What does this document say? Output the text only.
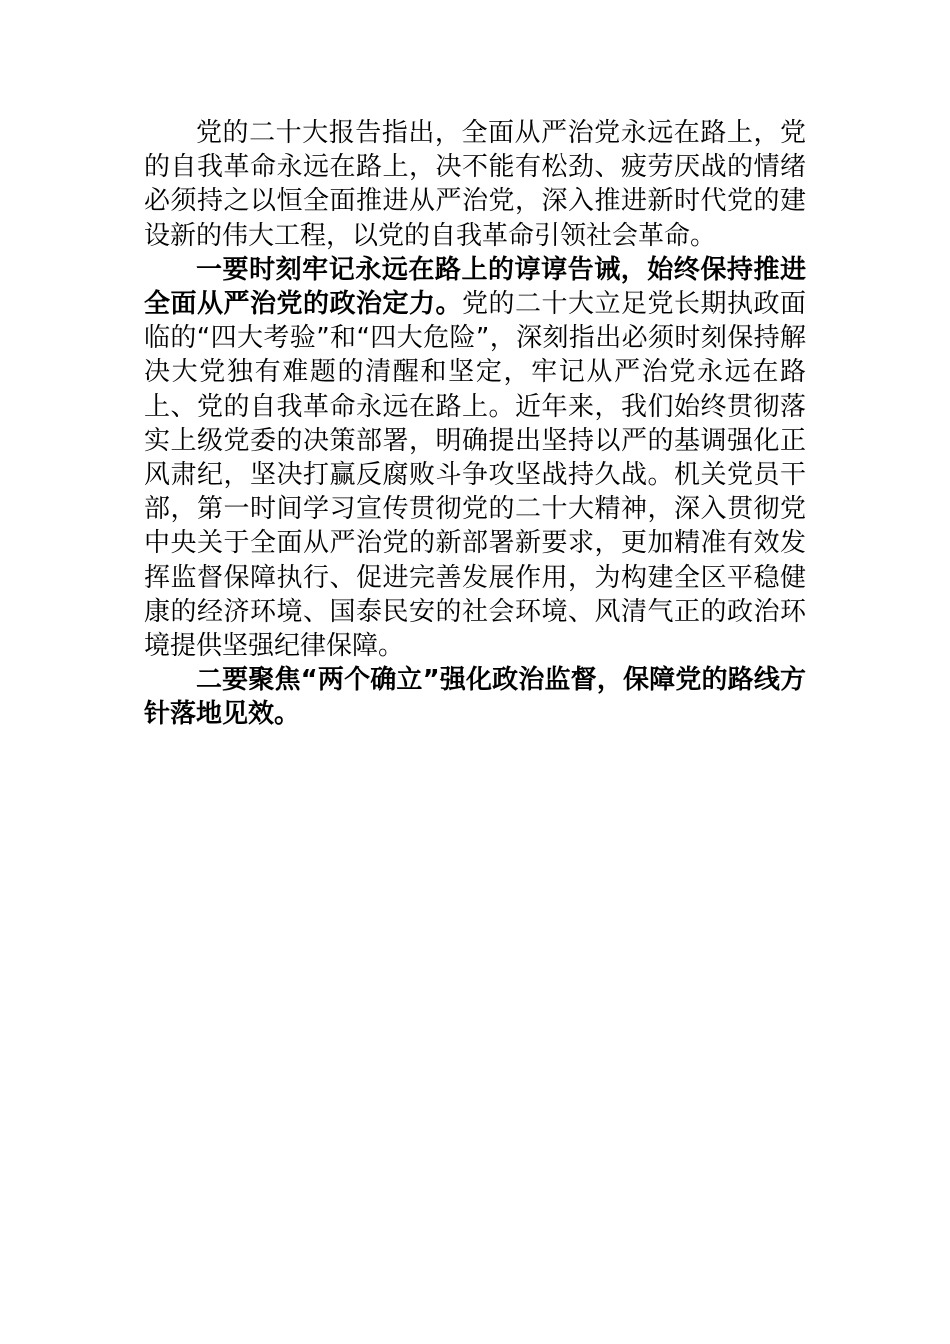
党的二十大报告指出，全面从严治党永远在路上，党的自我革命永远在路上，决不能有松劲、疲劳厌战的情绪必须持之以恒全面推进从严治党，深入推进新时代党的建设新的伟大工程，以党的自我革命引领社会革命。

一要时刻牢记永远在路上的谆谆告诫，始终保持推进全面从严治党的政治定力。党的二十大立足党长期执政面临的“四大考验”和“四大危险”，深刻指出必须时刻保持解决大党独有难题的清醒和坚定，牢记从严治党永远在路上、党的自我革命永远在路上。近年来，我们始终贯彻落实上级党委的决策部署，明确提出坚持以严的基调强化正风肃纪，坚决打赢反腐败斗争攻坚战持久战。机关党员干部，第一时间学习宣传贯彻党的二十大精神，深入贯彻党中央关于全面从严治党的新部署新要求，更加精准有效发挥监督保障执行、促进完善发展作用，为构建全区平稳健康的经济环境、国泰民安的社会环境、风清气正的政治环境提供坚强纪律保障。

二要聚焦“两个确立”强化政治监督，保障党的路线方针落地见效。
